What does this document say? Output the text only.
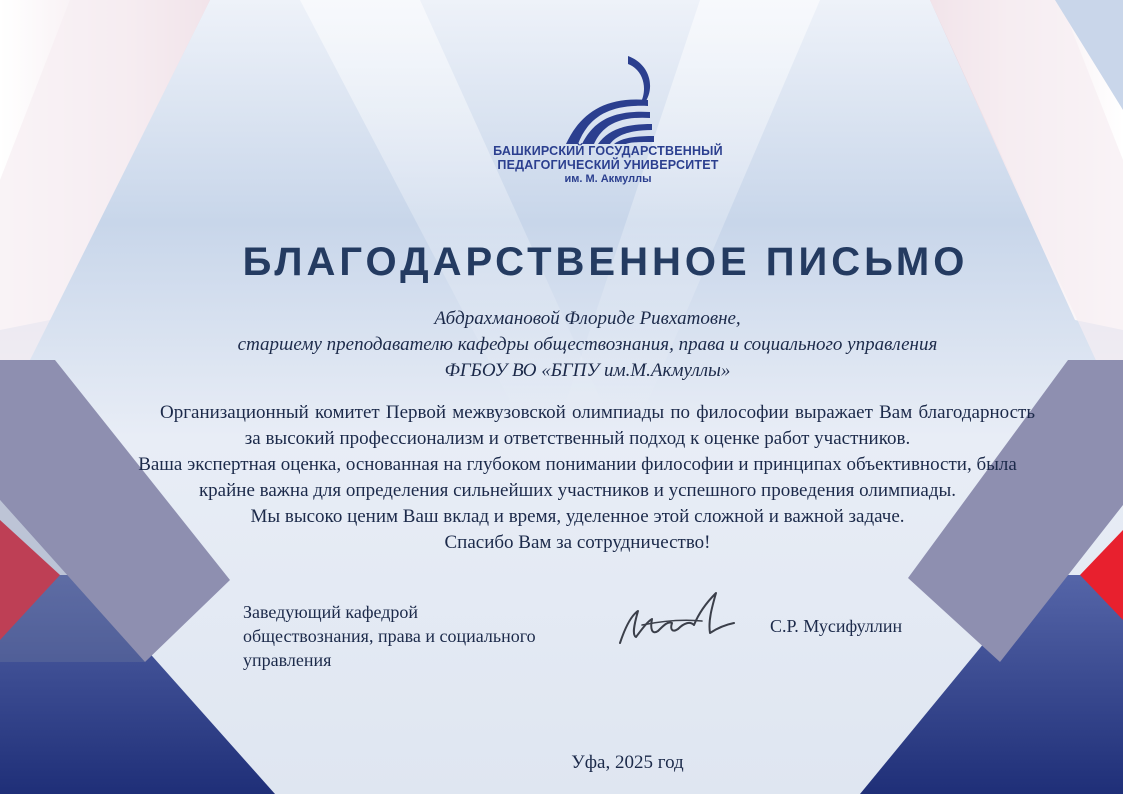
БАШКИРСКИЙ ГОСУДАРСТВЕННЫЙ
ПЕДАГОГИЧЕСКИЙ УНИВЕРСИТЕТ
им. М. Акмуллы
БЛАГОДАРСТВЕННОЕ ПИСЬМО
Абдрахмановой Флориде Ривхатовне,
старшему преподавателю кафедры обществознания, права и социального управления
ФГБОУ ВО «БГПУ им.М.Акмуллы»
Организационный комитет Первой межвузовской олимпиады по философии выражает Вам благодарность за высокий профессионализм и ответственный подход к оценке работ участников.
Ваша экспертная оценка, основанная на глубоком понимании философии и принципах объективности, была крайне важна для определения сильнейших участников и успешного проведения олимпиады.
Мы высоко ценим Ваш вклад и время, уделенное этой сложной и важной задаче.
Спасибо Вам за сотрудничество!
Заведующий кафедрой
обществознания, права и социального
управления
С.Р. Мусифуллин
Уфа, 2025 год
